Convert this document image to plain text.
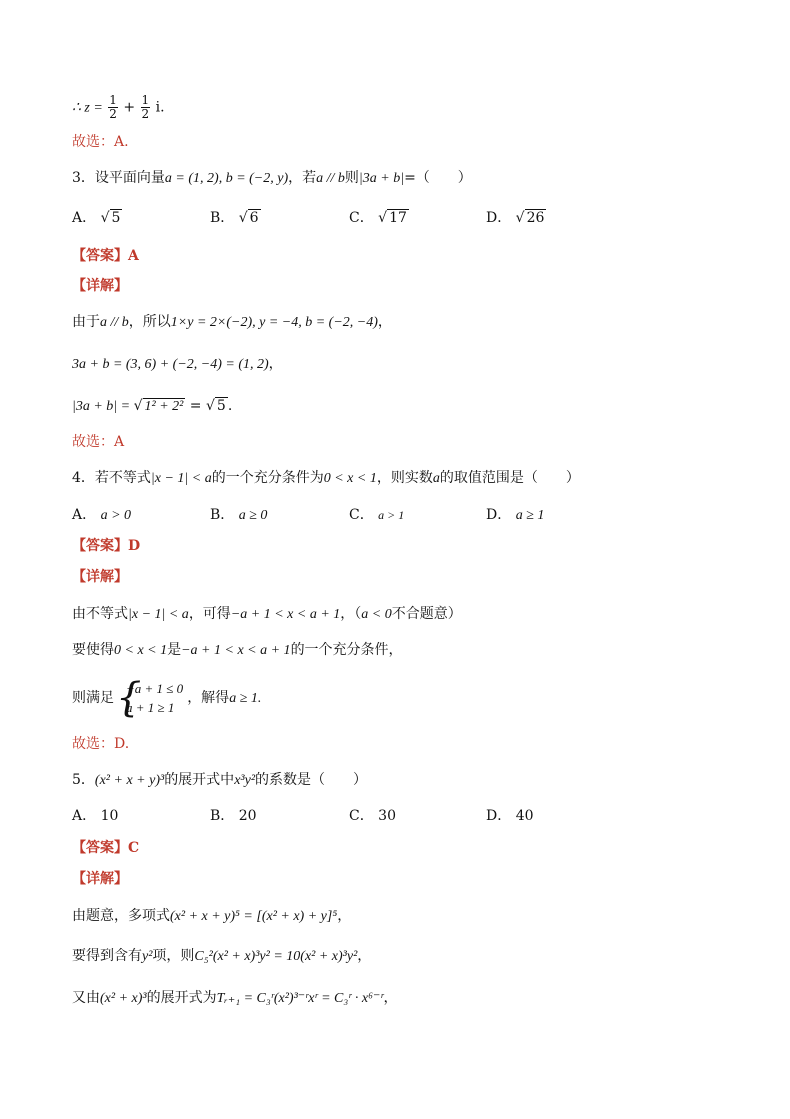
∴ $z = \frac{1}{2} + \frac{1}{2} i$.
故选：A.
3．设平面向量a = (1, 2), b = (−2, y)，若a // b则|3a + b|=（　　）
A． √ 5	B． √ 6	C． √ 17	D． √ 26
【答案】A
【详解】
由于a // b，所以1×y = 2×(−2), y = −4, b = (−2, −4)，
3a + b = (3, 6) + (−2, −4) = (1, 2)，
|3a + b| = √ 1² + 2² = √ 5 .
故选：A
4．若不等式|x − 1| < a的一个充分条件为0 < x < 1，则实数a的取值范围是（　　）
A． a > 0	B． a ≥ 0	C． a > 1	D． a ≥ 1
【答案】D
【详解】
由不等式|x − 1| < a，可得−a + 1 < x < a + 1，（a < 0不合题意）
要使得0 < x < 1是−a + 1 < x < a + 1的一个充分条件，
则满足
{ −a + 1 ≤ 0
a + 1 ≥ 1
，解得a ≥ 1.
故选：D.
5．(x² + x + y)³的展开式中x³y²的系数是（　　）
A． 10	B． 20	C． 30	D． 40
【答案】C
【详解】
由题意，多项式(x² + x + y)⁵ = [(x² + x) + y]⁵，
要得到含有y²项，则C₅²(x² + x)³y² = 10(x² + x)³y²，
又由(x² + x)³的展开式为Tᵣ₊₁ = C₃ʳ(x²)³⁻ʳxʳ = C₃ʳ · x⁶⁻ʳ，
